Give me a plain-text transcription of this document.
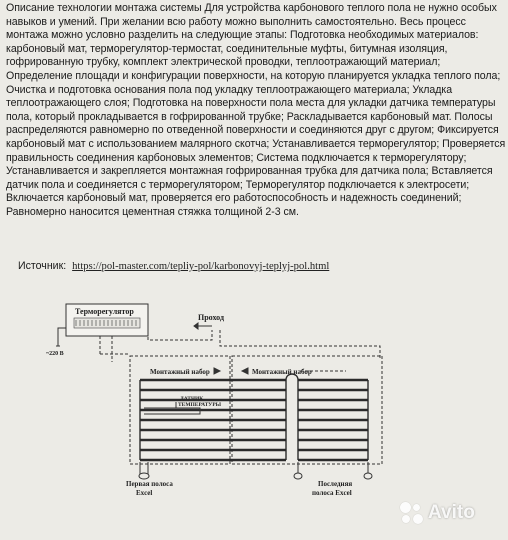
Описание технологии монтажа системы Для устройства карбонового теплого пола не нужно особых навыков и умений. При желании всю работу можно выполнить самостоятельно. Весь процесс монтажа можно условно разделить на следующие этапы: Подготовка необходимых материалов: карбоновый мат, терморегулятор-термостат, соединительные муфты, битумная изоляция, гофрированную трубку, комплект электрической проводки, теплоотражающий материал; Определение площади и конфигурации поверхности, на которую планируется укладка теплого пола; Очистка и подготовка основания пола под укладку теплоотражающего материала; Укладка теплоотражающего слоя; Подготовка на поверхности пола места для укладки датчика температуры пола, который прокладывается в гофрированной трубке; Раскладывается карбоновый мат. Полосы распределяются равномерно по отведенной поверхности и соединяются друг с другом; Фиксируется карбоновый мат с использованием малярного скотча; Устанавливается терморегулятор; Проверяется правильность соединения карбоновых элементов; Система подключается к терморегулятору; Устанавливается и закрепляется монтажная гофрированная трубка для датчика пола; Вставляется датчик пола и соединяется с терморегулятором; Терморегулятор подключается к электросети; Включается карбоновый мат, проверяется его работоспособность и надежность соединений; Равномерно наносится цементная стяжка толщиной 2-3 см.
Источник: https://pol-master.com/tepliy-pol/karbonovyj-teplyj-pol.html
Терморегулятор
~220 В
Проход
Монтажный набор	Монтажный набор
ДАТЧИК
ТЕМПЕРАТУРЫ
Первая полоса
Excel
Последняя
полоса Excel
Avito
